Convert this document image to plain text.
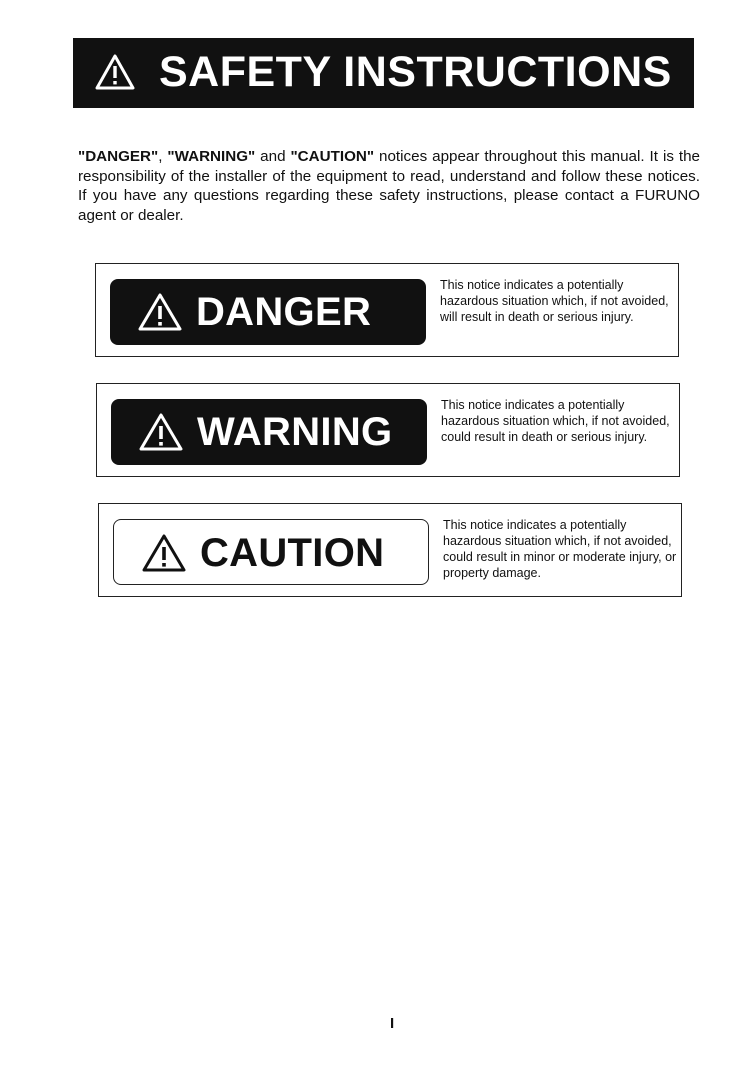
SAFETY INSTRUCTIONS
"DANGER", "WARNING" and "CAUTION" notices appear throughout this manual. It is the responsibility of the installer of the equipment to read, understand and follow these notices. If you have any questions regarding these safety instructions, please contact a FURUNO agent or dealer.
DANGER
This notice indicates a potentially hazardous situation which, if not avoided, will result in death or serious injury.
WARNING
This notice indicates a potentially hazardous situation which, if not avoided, could result in death or serious injury.
CAUTION
This notice indicates a potentially hazardous situation which, if not avoided, could result in minor or moderate injury, or property damage.
I
